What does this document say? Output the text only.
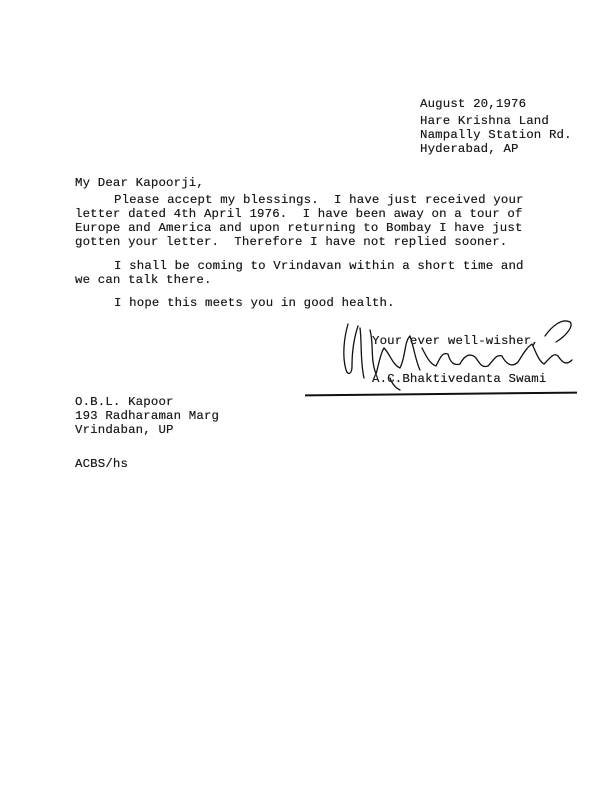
August 20,1976
Hare Krishna Land
Nampally Station Rd.
Hyderabad, AP
My Dear Kapoorji,
Please accept my blessings.  I have just received your
letter dated 4th April 1976.  I have been away on a tour of
Europe and America and upon returning to Bombay I have just
gotten your letter.  Therefore I have not replied sooner.
I shall be coming to Vrindavan within a short time and
we can talk there.
I hope this meets you in good health.
Your ever well-wisher,
A.C.Bhaktivedanta Swami
O.B.L. Kapoor
193 Radharaman Marg
Vrindaban, UP
ACBS/hs
